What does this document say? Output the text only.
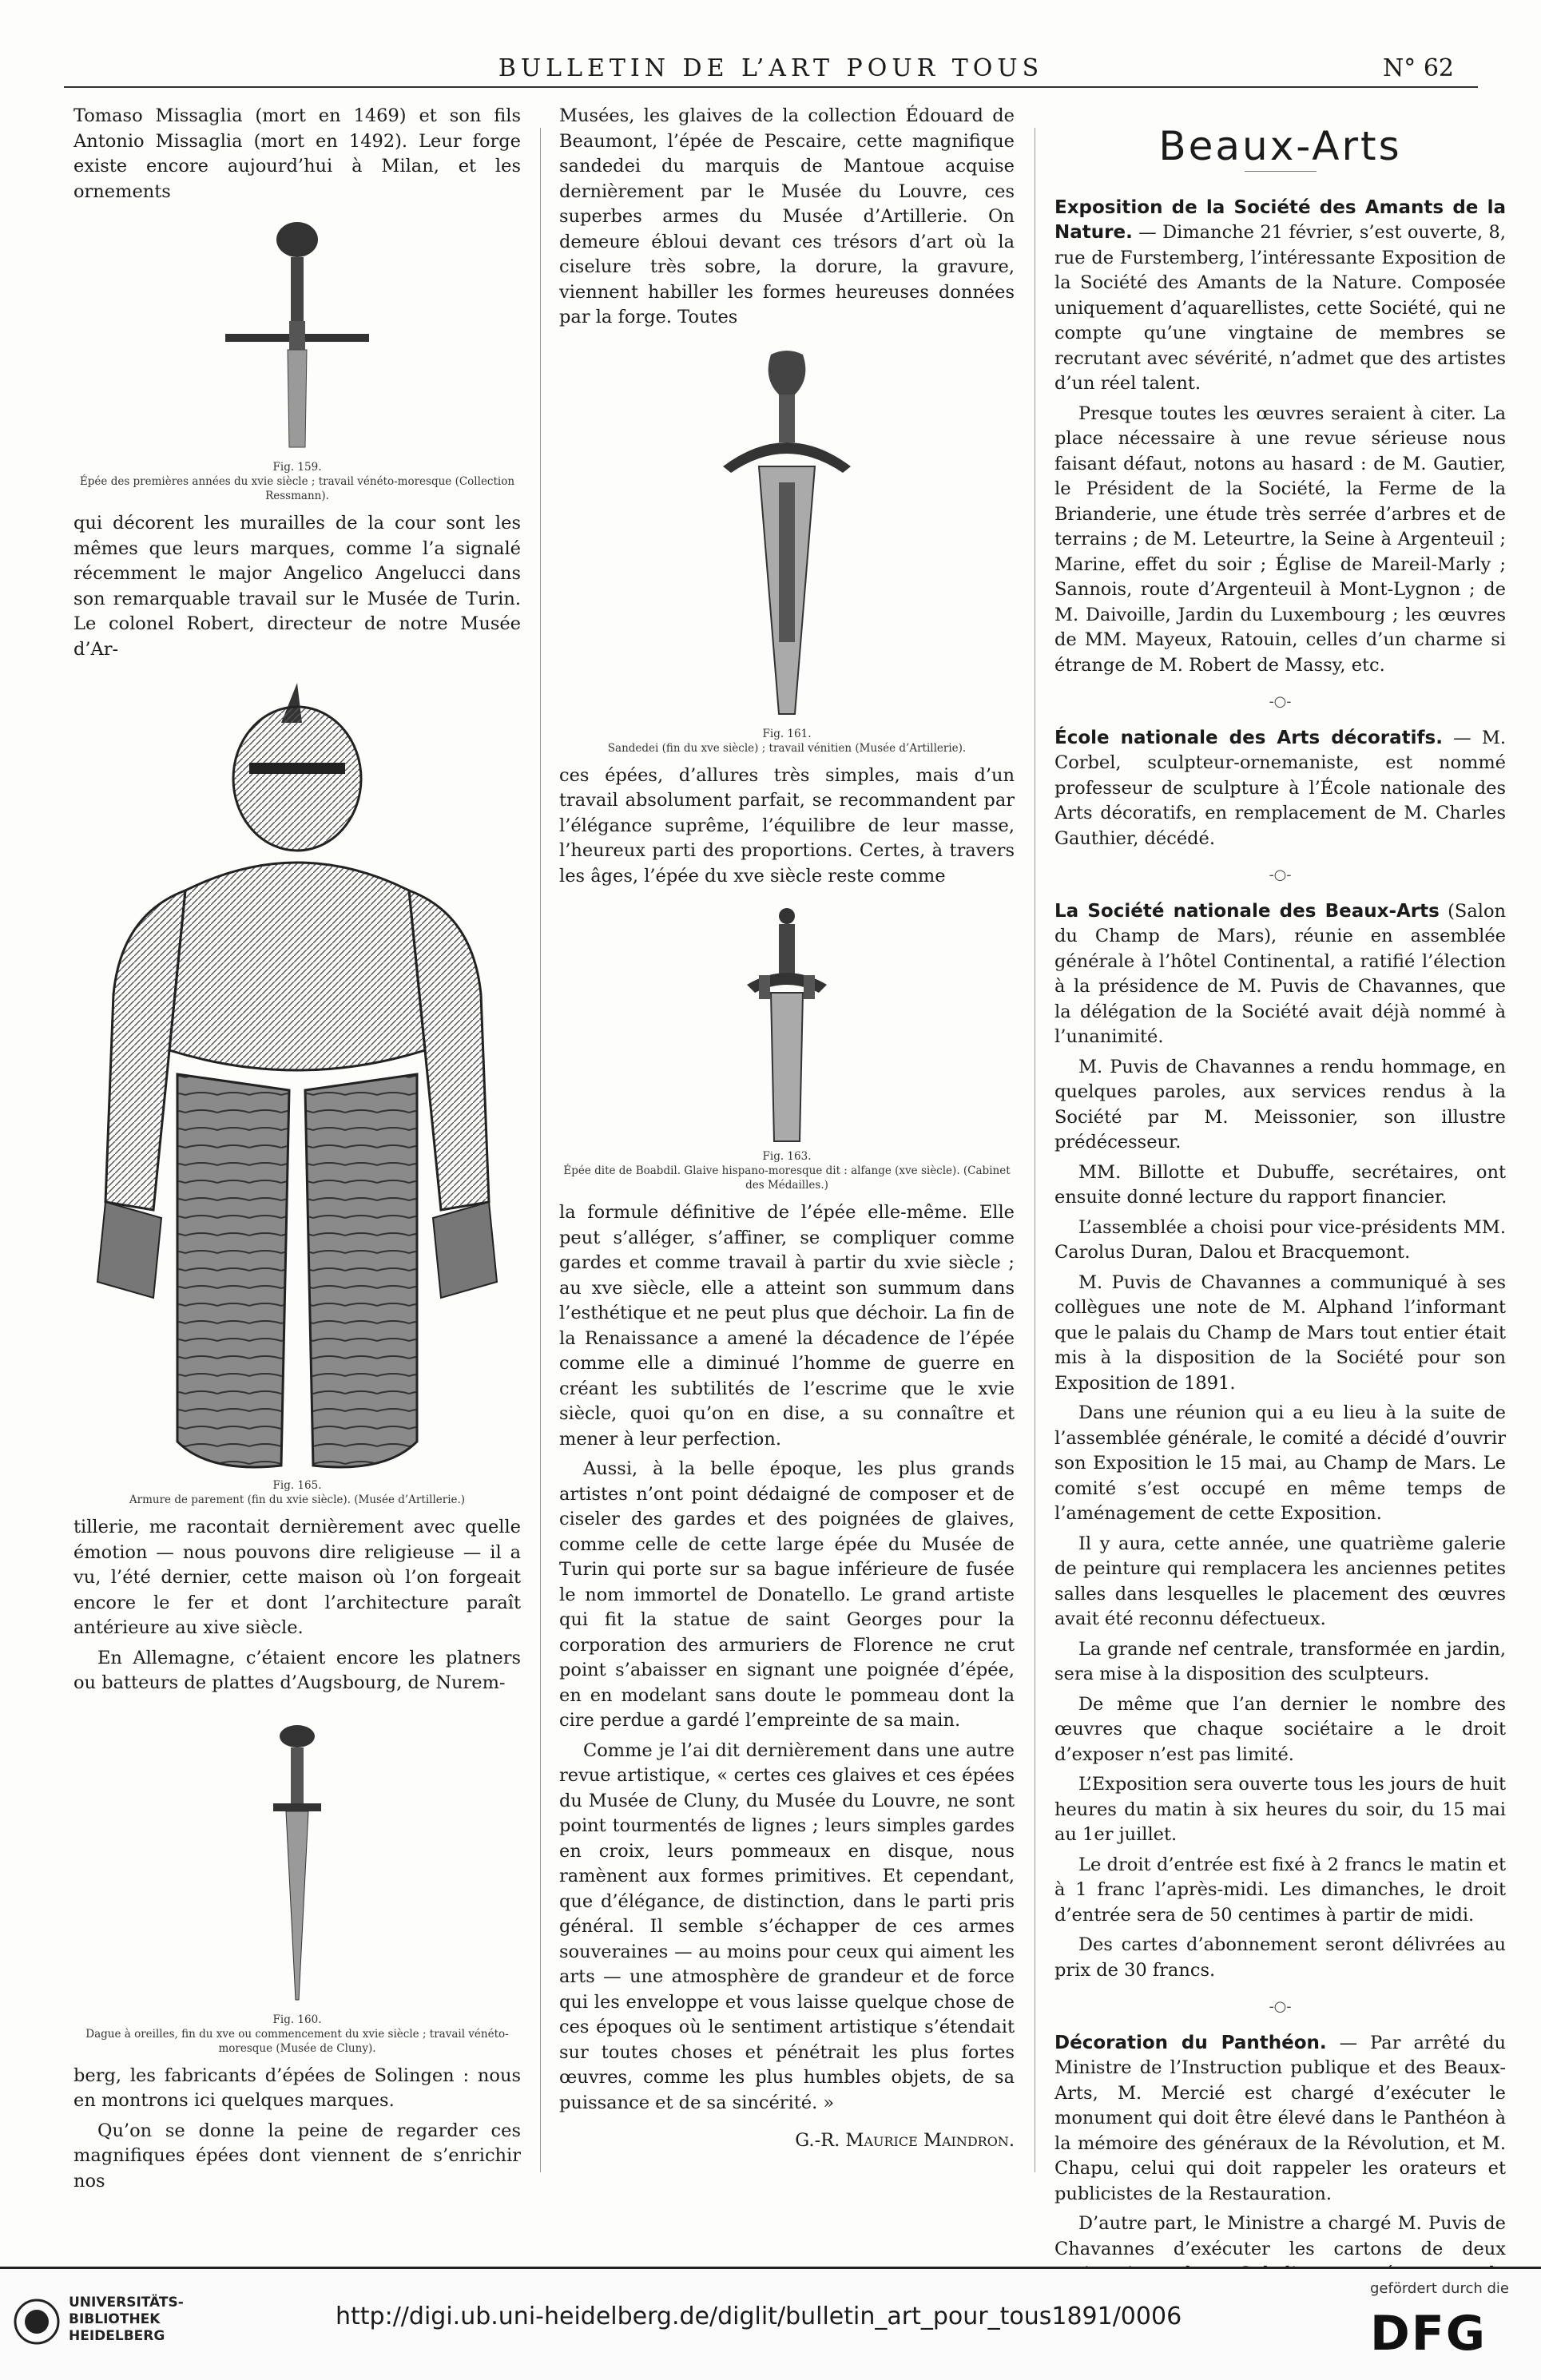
BULLETIN DE L’ART POUR TOUS	N° 62

Tomaso Missaglia (mort en 1469) et son fils Antonio Missaglia (mort en 1492). Leur forge existe encore aujourd’hui à Milan, et les ornements

Fig. 159.
Épée des premières années du xvie siècle ; travail vénéto-moresque (Collection Ressmann).

qui décorent les murailles de la cour sont les mêmes que leurs marques, comme l’a signalé récemment le major Angelico Angelucci dans son remarquable travail sur le Musée de Turin. Le colonel Robert, directeur de notre Musée d’Ar-

Fig. 165.
Armure de parement (fin du xvie siècle). (Musée d’Artillerie.)

tillerie, me racontait dernièrement avec quelle émotion — nous pouvons dire religieuse — il a vu, l’été dernier, cette maison où l’on forgeait encore le fer et dont l’architecture paraît antérieure au xive siècle.

En Allemagne, c’étaient encore les platners ou batteurs de plattes d’Augsbourg, de Nurem-

Fig. 160.
Dague à oreilles, fin du xve ou commencement du xvie siècle ; travail vénéto-moresque (Musée de Cluny).

berg, les fabricants d’épées de Solingen : nous en montrons ici quelques marques.

Qu’on se donne la peine de regarder ces magnifiques épées dont viennent de s’enrichir nos

Musées, les glaives de la collection Édouard de Beaumont, l’épée de Pescaire, cette magnifique sandedei du marquis de Mantoue acquise dernièrement par le Musée du Louvre, ces superbes armes du Musée d’Artillerie. On demeure ébloui devant ces trésors d’art où la ciselure très sobre, la dorure, la gravure, viennent habiller les formes heureuses données par la forge. Toutes

Fig. 161.
Sandedei (fin du xve siècle) ; travail vénitien (Musée d’Artillerie).

ces épées, d’allures très simples, mais d’un travail absolument parfait, se recommandent par l’élégance suprême, l’équilibre de leur masse, l’heureux parti des proportions. Certes, à travers les âges, l’épée du xve siècle reste comme

Fig. 163.
Épée dite de Boabdil. Glaive hispano-moresque dit : alfange (xve siècle). (Cabinet des Médailles.)

la formule définitive de l’épée elle-même. Elle peut s’alléger, s’affiner, se compliquer comme gardes et comme travail à partir du xvie siècle ; au xve siècle, elle a atteint son summum dans l’esthétique et ne peut plus que déchoir. La fin de la Renaissance a amené la décadence de l’épée comme elle a diminué l’homme de guerre en créant les subtilités de l’escrime que le xvie siècle, quoi qu’on en dise, a su connaître et mener à leur perfection.

Aussi, à la belle époque, les plus grands artistes n’ont point dédaigné de composer et de ciseler des gardes et des poignées de glaives, comme celle de cette large épée du Musée de Turin qui porte sur sa bague inférieure de fusée le nom immortel de Donatello. Le grand artiste qui fit la statue de saint Georges pour la corporation des armuriers de Florence ne crut point s’abaisser en signant une poignée d’épée, en en modelant sans doute le pommeau dont la cire perdue a gardé l’empreinte de sa main.

Comme je l’ai dit dernièrement dans une autre revue artistique, « certes ces glaives et ces épées du Musée de Cluny, du Musée du Louvre, ne sont point tourmentés de lignes ; leurs simples gardes en croix, leurs pommeaux en disque, nous ramènent aux formes primitives. Et cependant, que d’élégance, de distinction, dans le parti pris général. Il semble s’échapper de ces armes souveraines — au moins pour ceux qui aiment les arts — une atmosphère de grandeur et de force qui les enveloppe et vous laisse quelque chose de ces époques où le sentiment artistique s’étendait sur toutes choses et pénétrait les plus fortes œuvres, comme les plus humbles objets, de sa puissance et de sa sincérité. »

G.-R. Maurice Maindron.
Beaux-Arts

Exposition de la Société des Amants de la Nature. — Dimanche 21 février, s’est ouverte, 8, rue de Furstemberg, l’intéressante Exposition de la Société des Amants de la Nature. Composée uniquement d’aquarellistes, cette Société, qui ne compte qu’une vingtaine de membres se recrutant avec sévérité, n’admet que des artistes d’un réel talent.

Presque toutes les œuvres seraient à citer. La place nécessaire à une revue sérieuse nous faisant défaut, notons au hasard : de M. Gautier, le Président de la Société, la Ferme de la Brianderie, une étude très serrée d’arbres et de terrains ; de M. Leteurtre, la Seine à Argenteuil ; Marine, effet du soir ; Église de Mareil-Marly ; Sannois, route d’Argenteuil à Mont-Lygnon ; de M. Daivoille, Jardin du Luxembourg ; les œuvres de MM. Mayeux, Ratouin, celles d’un charme si étrange de M. Robert de Massy, etc.

-○-

École nationale des Arts décoratifs. — M. Corbel, sculpteur-ornemaniste, est nommé professeur de sculpture à l’École nationale des Arts décoratifs, en remplacement de M. Charles Gauthier, décédé.

-○-

La Société nationale des Beaux-Arts (Salon du Champ de Mars), réunie en assemblée générale à l’hôtel Continental, a ratifié l’élection à la présidence de M. Puvis de Chavannes, que la délégation de la Société avait déjà nommé à l’unanimité.

M. Puvis de Chavannes a rendu hommage, en quelques paroles, aux services rendus à la Société par M. Meissonier, son illustre prédécesseur.

MM. Billotte et Dubuffe, secrétaires, ont ensuite donné lecture du rapport financier.

L’assemblée a choisi pour vice-présidents MM. Carolus Duran, Dalou et Bracquemont.

M. Puvis de Chavannes a communiqué à ses collègues une note de M. Alphand l’informant que le palais du Champ de Mars tout entier était mis à la disposition de la Société pour son Exposition de 1891.

Dans une réunion qui a eu lieu à la suite de l’assemblée générale, le comité a décidé d’ouvrir son Exposition le 15 mai, au Champ de Mars. Le comité s’est occupé en même temps de l’aménagement de cette Exposition.

Il y aura, cette année, une quatrième galerie de peinture qui remplacera les anciennes petites salles dans lesquelles le placement des œuvres avait été reconnu défectueux.

La grande nef centrale, transformée en jardin, sera mise à la disposition des sculpteurs.

De même que l’an dernier le nombre des œuvres que chaque sociétaire a le droit d’exposer n’est pas limité.

L’Exposition sera ouverte tous les jours de huit heures du matin à six heures du soir, du 15 mai au 1er juillet.

Le droit d’entrée est fixé à 2 francs le matin et à 1 franc l’après-midi. Les dimanches, le droit d’entrée sera de 50 centimes à partir de midi.

Des cartes d’abonnement seront délivrées au prix de 30 francs.

-○-

Décoration du Panthéon. — Par arrêté du Ministre de l’Instruction publique et des Beaux-Arts, M. Mercié est chargé d’exécuter le monument qui doit être élevé dans le Panthéon à la mémoire des généraux de la Révolution, et M. Chapu, celui qui doit rappeler les orateurs et publicistes de la Restauration.

D’autre part, le Ministre a chargé M. Puvis de Chavannes d’exécuter les cartons de deux

UNIVERSITÄTS-
BIBLIOTHEK
HEIDELBERG
http://digi.ub.uni-heidelberg.de/diglit/bulletin_art_pour_tous1891/0006
gefördert durch die
DFG
